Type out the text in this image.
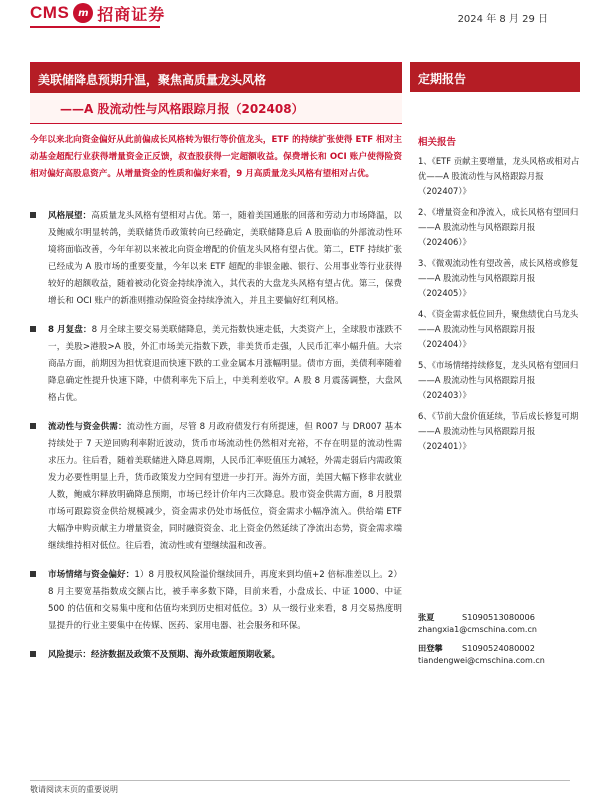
CMS m 招商证券	2024 年 8 月 29 日
美联储降息预期升温，聚焦高质量龙头风格
——A 股流动性与风格跟踪月报（202408）
定期报告
今年以来北向资金偏好从此前偏成长风格转为银行等价值龙头，ETF 的持续扩张使得 ETF 相对主动基金超配行业获得增量资金正反馈，叔查股获得一定超额收益。保费增长和 OCI 账户使得险资相对偏好高股息资产。从增量资金的性质和偏好来看，9 月高质量龙头风格有望相对占优。
风格展望：高质量龙头风格有望相对占优。第一，随着美国通胀的回落和劳动力市场降温，以及鲍威尔明显转鸽，美联储货币政策转向已经确定，美联储降息后 A 股面临的外部流动性环境将面临改善，今年年初以来被北向资金增配的价值龙头风格有望占优。第二，ETF 持续扩张已经成为 A 股市场的重要变量，今年以来 ETF 超配的非银金融、银行、公用事业等行业获得较好的超额收益，随着被动化资金持续净流入，其代表的大盘龙头风格有望占优。第三，保费增长和 OCI 账户的新准则推动保险资金持续净流入，并且主要偏好红利风格。
8 月复盘：8 月全球主要交易美联储降息，美元指数快速走低，大类资产上，全球股市涨跌不一，美股>港股>A 股，外汇市场美元指数下跌，非美货币走强，人民币汇率小幅升值。大宗商品方面，前期因为担忧衰退而快速下跌的工业金属本月涨幅明显。债市方面，美债利率随着降息确定性提升快速下降，中债利率先下后上，中美利差收窄。A 股 8 月震荡调整，大盘风格占优。
流动性与资金供需：流动性方面，尽管 8 月政府债发行有所提速，但 R007 与 DR007 基本持续处于 7 天逆回购利率附近波动，货币市场流动性仍然相对充裕，不存在明显的流动性需求压力。往后看，随着美联储进入降息周期，人民币汇率贬值压力减轻，外需走弱后内需政策发力必要性明显上升，货币政策发力空间有望进一步打开。海外方面，美国大幅下修非农就业人数，鲍威尔释放明确降息预期，市场已经计价年内三次降息。股市资金供需方面，8 月股票市场可跟踪资金供给规模减少，资金需求仍处市场低位，资金需求小幅净流入。供给端 ETF 大幅净申购贡献主力增量资金，同时融资资金、北上资金仍然延续了净流出态势，资金需求端继续维持相对低位。往后看，流动性或有望继续温和改善。
市场情绪与资金偏好：1）8 月股权风险溢价继续回升，再度来到均值+2 倍标准差以上。2）8 月主要宽基指数成交额占比，被手率多数下降，目前来看，小盘成长、中证 1000、中证 500 的估值和交易集中度和估值均来到历史相对低位。3）从一级行业来看，8 月交易热度明显提升的行业主要集中在传媒、医药、家用电器、社会服务和环保。
风险提示：经济数据及政策不及预期、海外政策超预期收紧。
相关报告
1、《ETF 贡献主要增量，龙头风格或相对占优——A 股流动性与风格跟踪月报（202407）》
2、《增量资金和净流入，成长风格有望回归——A 股流动性与风格跟踪月报（202406）》
3、《微观流动性有望改善，成长风格或修复——A 股流动性与风格跟踪月报（202405）》
4、《资金需求低位回升，聚焦绩优白马龙头——A 股流动性与风格跟踪月报（202404）》
5、《市场情绪持续修复，龙头风格有望回归——A 股流动性与风格跟踪月报（202403）》
6、《节前大盘价值延续，节后成长修复可期——A 股流动性与风格跟踪月报（202401）》
张夏	S1090513080006
zhangxia1@cmschina.com.cn
田登攀	S1090524080002
tiandengwei@cmschina.com.cn
敬请阅读末页的重要说明
